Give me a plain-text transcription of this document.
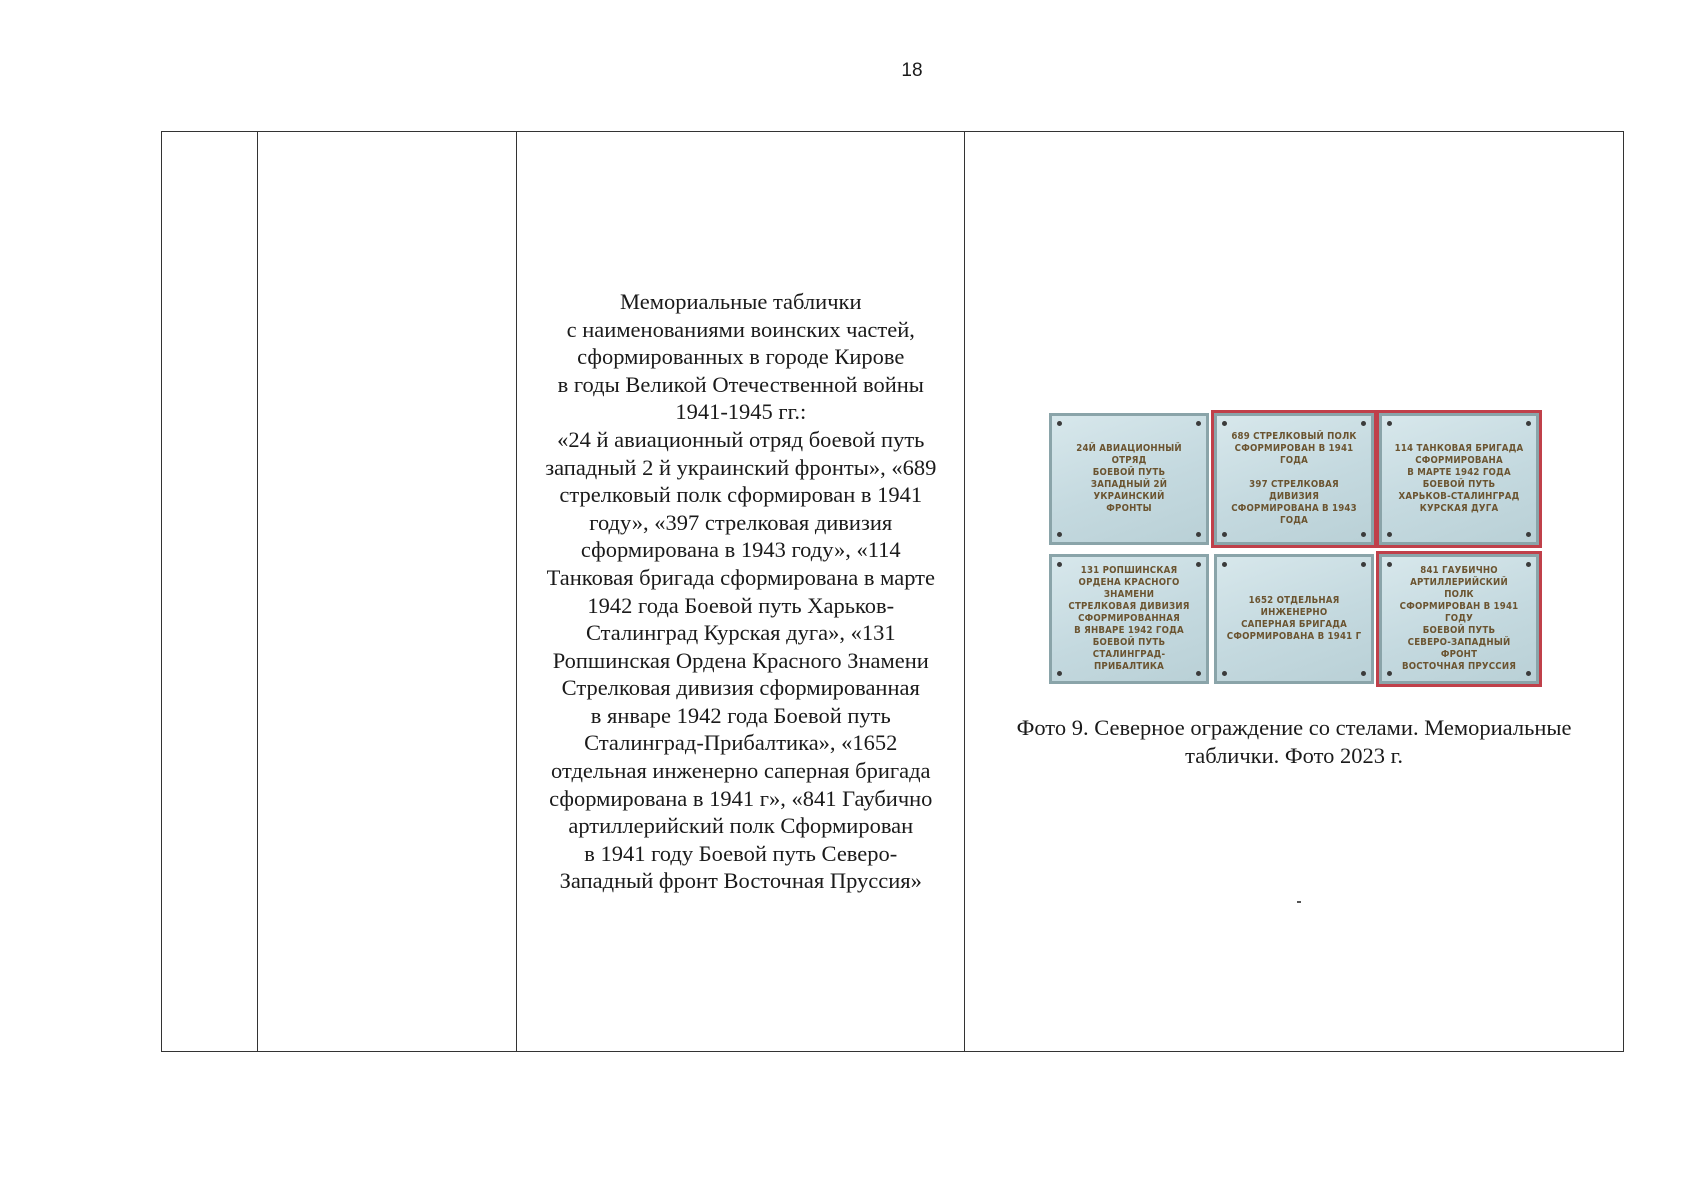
18

Мемориальные таблички
с наименованиями воинских частей,
сформированных в городе Кирове
в годы Великой Отечественной войны
1941-1945 гг.:
«24 й авиационный отряд боевой путь
западный 2 й украинский фронты», «689
стрелковый полк сформирован в 1941
году», «397 стрелковая дивизия
сформирована в 1943 году», «114
Танковая бригада сформирована в марте
1942 года Боевой путь Харьков-
Сталинград Курская дуга», «131
Ропшинская Ордена Красного Знамени
Стрелковая дивизия сформированная
в январе 1942 года Боевой путь
Сталинград-Прибалтика», «1652
отдельная инженерно саперная бригада
сформирована в 1941 г», «841 Гаубично
артиллерийский полк Сформирован
в 1941 году Боевой путь Северо-
Западный фронт Восточная Пруссия»

24Й АВИАЦИОННЫЙ ОТРЯД
БОЕВОЙ ПУТЬ
ЗАПАДНЫЙ 2Й УКРАИНСКИЙ
ФРОНТЫ
689 СТРЕЛКОВЫЙ ПОЛК
СФОРМИРОВАН В 1941 ГОДА

397 СТРЕЛКОВАЯ ДИВИЗИЯ
СФОРМИРОВАНА В 1943 ГОДА
114 ТАНКОВАЯ БРИГАДА
СФОРМИРОВАНА
В МАРТЕ 1942 ГОДА
БОЕВОЙ ПУТЬ
ХАРЬКОВ-СТАЛИНГРАД
КУРСКАЯ ДУГА
131 РОПШИНСКАЯ
ОРДЕНА КРАСНОГО ЗНАМЕНИ
СТРЕЛКОВАЯ ДИВИЗИЯ
СФОРМИРОВАННАЯ
В ЯНВАРЕ 1942 ГОДА
БОЕВОЙ ПУТЬ
СТАЛИНГРАД-ПРИБАЛТИКА
1652 ОТДЕЛЬНАЯ ИНЖЕНЕРНО
САПЕРНАЯ БРИГАДА
СФОРМИРОВАНА В 1941 Г
841 ГАУБИЧНО АРТИЛЛЕРИЙСКИЙ
ПОЛК
СФОРМИРОВАН В 1941 ГОДУ
БОЕВОЙ ПУТЬ
СЕВЕРО-ЗАПАДНЫЙ ФРОНТ
ВОСТОЧНАЯ ПРУССИЯ
Фото 9. Северное ограждение со стелами. Мемориальные
таблички. Фото 2023 г.
